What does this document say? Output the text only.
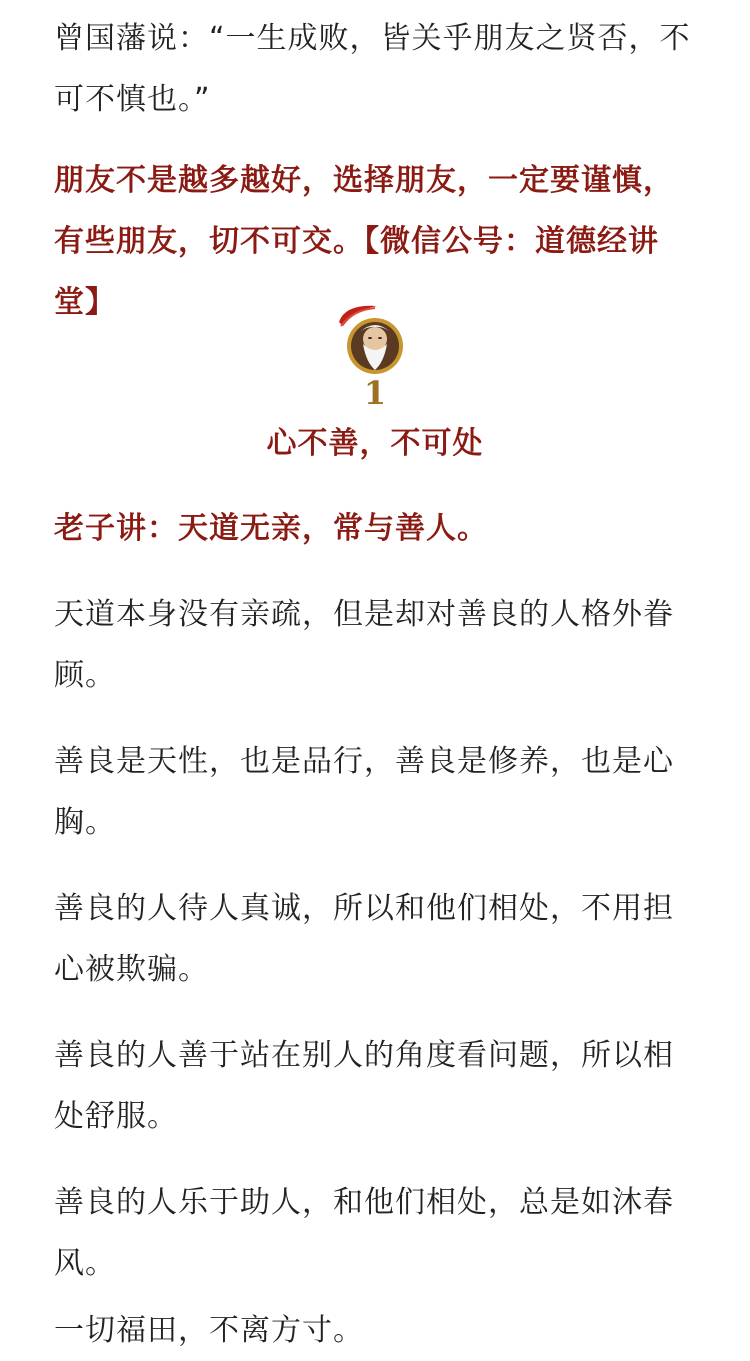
曾国藩说：“一生成败，皆关乎朋友之贤否，不可不慎也。”

朋友不是越多越好，选择朋友，一定要谨慎，有些朋友，切不可交。【微信公号：道德经讲堂】

1
心不善，不可处

老子讲：天道无亲，常与善人。

天道本身没有亲疏，但是却对善良的人格外眷顾。

善良是天性，也是品行，善良是修养，也是心胸。

善良的人待人真诚，所以和他们相处，不用担心被欺骗。

善良的人善于站在别人的角度看问题，所以相处舒服。

善良的人乐于助人，和他们相处，总是如沐春风。

一切福田，不离方寸。
